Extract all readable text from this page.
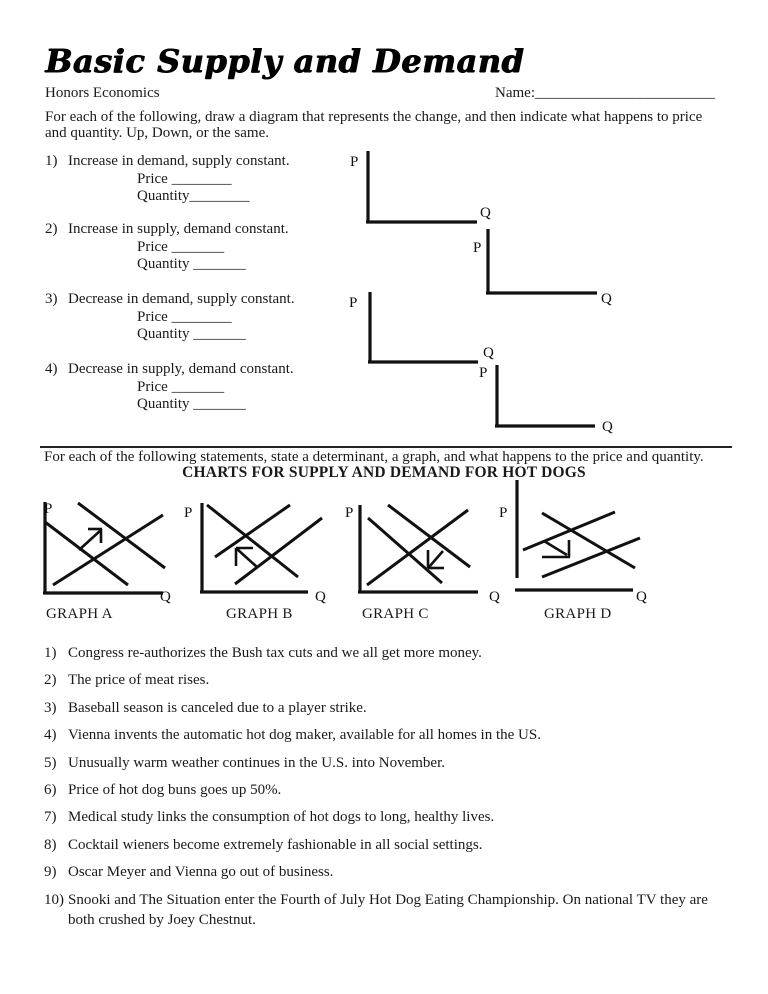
Basic Supply and Demand
Honors Economics	Name:________________________
For each of the following, draw a diagram that represents the change, and then indicate what happens to price and quantity. Up, Down, or the same.
1) Increase in demand, supply constant.
Price ________
Quantity________
2) Increase in supply, demand constant.
Price _______
Quantity _______
3) Decrease in demand, supply constant.
Price ________
Quantity _______
4) Decrease in supply, demand constant.
Price _______
Quantity _______
P
Q
P
Q
P
Q
P
Q
For each of the following statements, state a determinant, a graph, and what happens to the price and quantity.
CHARTS FOR SUPPLY AND DEMAND FOR HOT DOGS
P
Q
P
Q
P
Q
P
Q
GRAPH A	GRAPH B	GRAPH C	GRAPH D
1) Congress re-authorizes the Bush tax cuts and we all get more money.
2) The price of meat rises.
3) Baseball season is canceled due to a player strike.
4) Vienna invents the automatic hot dog maker, available for all homes in the US.
5) Unusually warm weather continues in the U.S. into November.
6) Price of hot dog buns goes up 50%.
7) Medical study links the consumption of hot dogs to long, healthy lives.
8) Cocktail wieners become extremely fashionable in all social settings.
9) Oscar Meyer and Vienna go out of business.
10) Snooki and The Situation enter the Fourth of July Hot Dog Eating Championship. On national TV they are
both crushed by Joey Chestnut.
